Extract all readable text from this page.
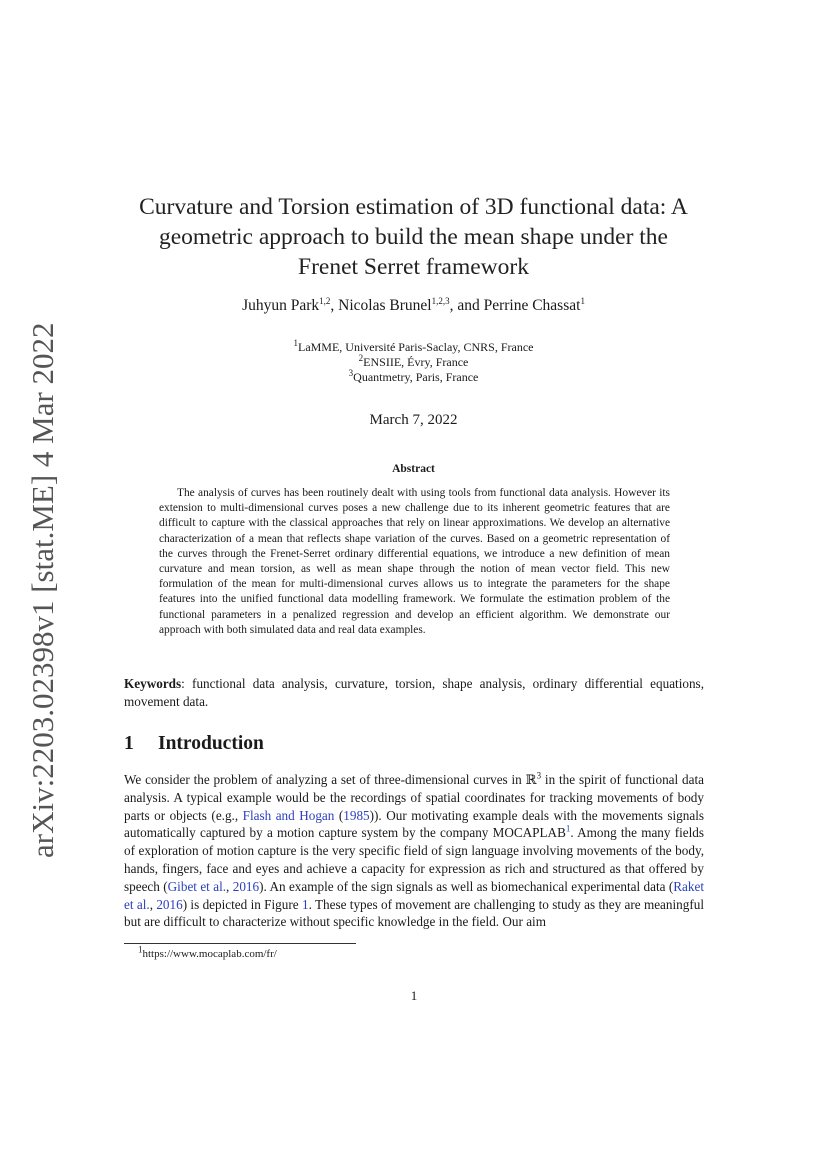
arXiv:2203.02398v1 [stat.ME] 4 Mar 2022
Curvature and Torsion estimation of 3D functional data: A
geometric approach to build the mean shape under the
Frenet Serret framework
Juhyun Park$^{1,2}$, Nicolas Brunel$^{1,2,3}$, and Perrine Chassat$^1$
$^1$LaMME, Université Paris-Saclay, CNRS, France
$^2$ENSIIE, Évry, France
$^3$Quantmetry, Paris, France
March 7, 2022
Abstract
The analysis of curves has been routinely dealt with using tools from functional data analysis. However its extension to multi-dimensional curves poses a new challenge due to its inherent geometric features that are difficult to capture with the classical approaches that rely on linear approximations. We develop an alternative characterization of a mean that reflects shape variation of the curves. Based on a geometric representation of the curves through the Frenet-Serret ordinary differential equations, we introduce a new definition of mean curvature and mean torsion, as well as mean shape through the notion of mean vector field. This new formulation of the mean for multi-dimensional curves allows us to integrate the parameters for the shape features into the unified functional data modelling framework. We formulate the estimation problem of the functional parameters in a penalized regression and develop an efficient algorithm. We demonstrate our approach with both simulated data and real data examples.
Keywords: functional data analysis, curvature, torsion, shape analysis, ordinary differential equations, movement data.
1 Introduction
We consider the problem of analyzing a set of three-dimensional curves in ℝ$^3$ in the spirit of functional data analysis. A typical example would be the recordings of spatial coordinates for tracking movements of body parts or objects (e.g., Flash and Hogan (1985)). Our motivating example deals with the movements signals automatically captured by a motion capture system by the company MOCAPLAB$^1$. Among the many fields of exploration of motion capture is the very specific field of sign language involving movements of the body, hands, fingers, face and eyes and achieve a capacity for expression as rich and structured as that offered by speech (Gibet et al., 2016). An example of the sign signals as well as biomechanical experimental data (Raket et al., 2016) is depicted in Figure 1. These types of movement are challenging to study as they are meaningful but are difficult to characterize without specific knowledge in the field. Our aim
$^1$https://www.mocaplab.com/fr/
1
